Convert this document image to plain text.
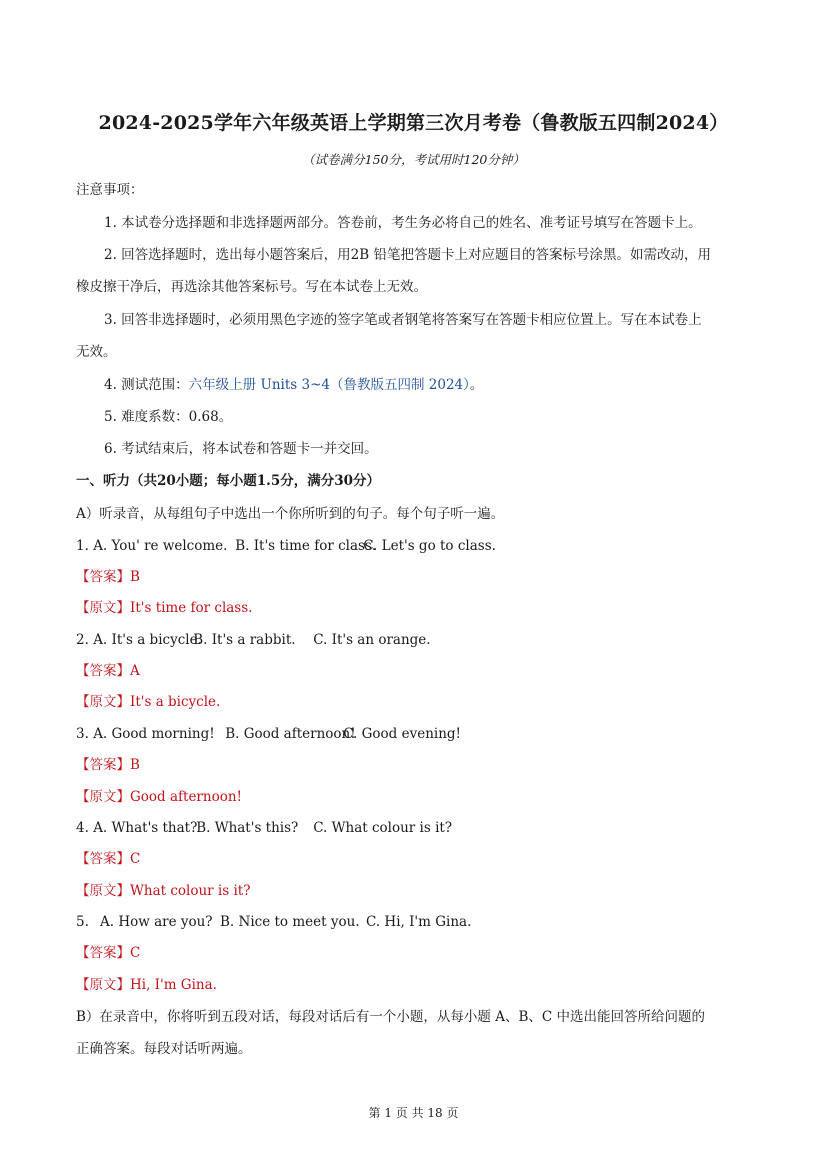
2024-2025学年六年级英语上学期第三次月考卷（鲁教版五四制2024）
（试卷满分150分，考试用时120分钟）
注意事项：
1. 本试卷分选择题和非选择题两部分。答卷前，考生务必将自己的姓名、准考证号填写在答题卡上。
2. 回答选择题时，选出每小题答案后，用2B 铅笔把答题卡上对应题目的答案标号涂黑。如需改动，用
橡皮擦干净后，再选涂其他答案标号。写在本试卷上无效。
3. 回答非选择题时，必须用黑色字迹的签字笔或者钢笔将答案写在答题卡相应位置上。写在本试卷上
无效。
4. 测试范围：六年级上册 Units 3~4（鲁教版五四制 2024）。
5. 难度系数：0.68。
6. 考试结束后，将本试卷和答题卡一并交回。
一、听力（共20小题；每小题1.5分，满分30分）
A）听录音，从每组句子中选出一个你所听到的句子。每个句子听一遍。
1. A. You' re welcome. B. It's time for class.C. Let's go to class.
【答案】B
【原文】It's time for class.
2. A. It's a bicycle.B. It's a rabbit. C. It's an orange.
【答案】A
【原文】It's a bicycle.
3. A. Good morning! B. Good afternoon!C. Good evening!
【答案】B
【原文】Good afternoon!
4. A. What's that?B. What's this? C. What colour is it?
【答案】C
【原文】What colour is it?
5. A. How are you? B. Nice to meet you. C. Hi, I'm Gina.
【答案】C
【原文】Hi, I'm Gina.
B）在录音中，你将听到五段对话，每段对话后有一个小题，从每小题 A、B、C 中选出能回答所给问题的
正确答案。每段对话听两遍。
第 1 页 共 18 页
